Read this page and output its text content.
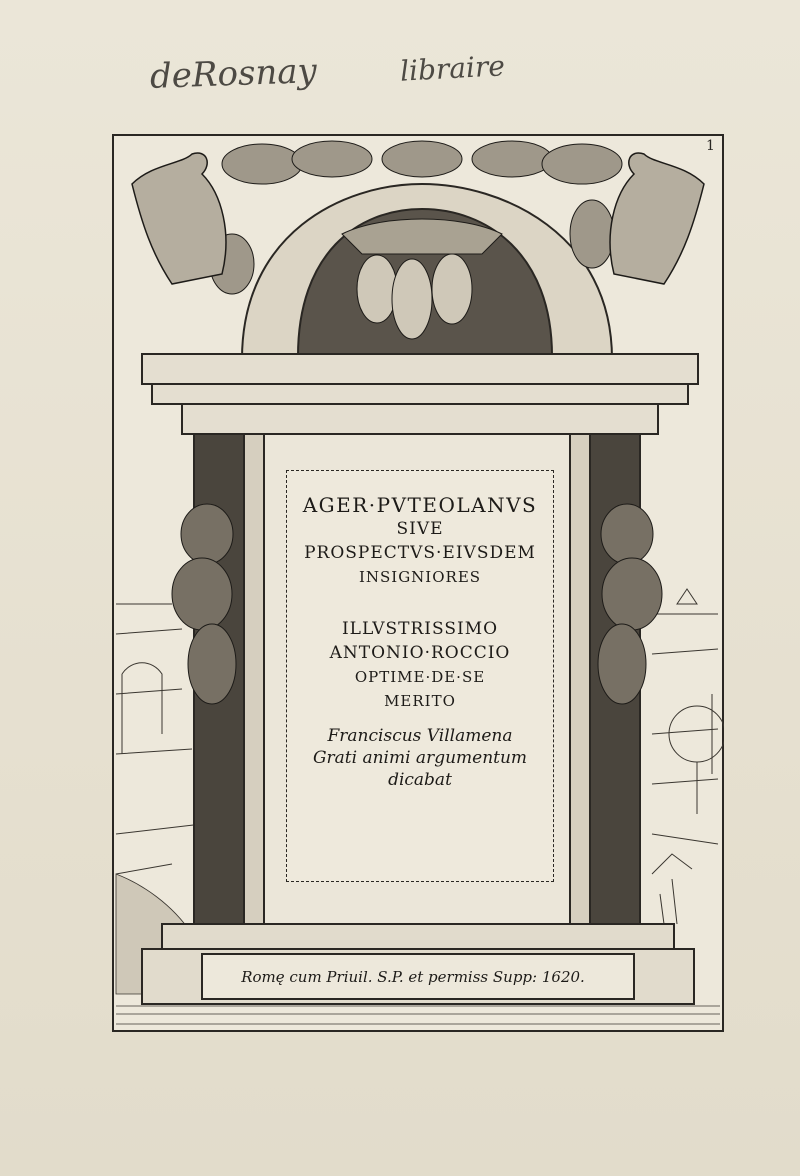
deRosnay	libraire
1

AGER·PVTEOLANVS

SIVE

PROSPECTVS·EIVSDEM

INSIGNIORES

ILLVSTRISSIMO

ANTONIO·ROCCIO

OPTIME·DE·SE

MERITO

Franciscus Villamena

Grati animi argumentum

dicabat

Romę cum Priuil. S.P. et permiss Supp: 1620.
